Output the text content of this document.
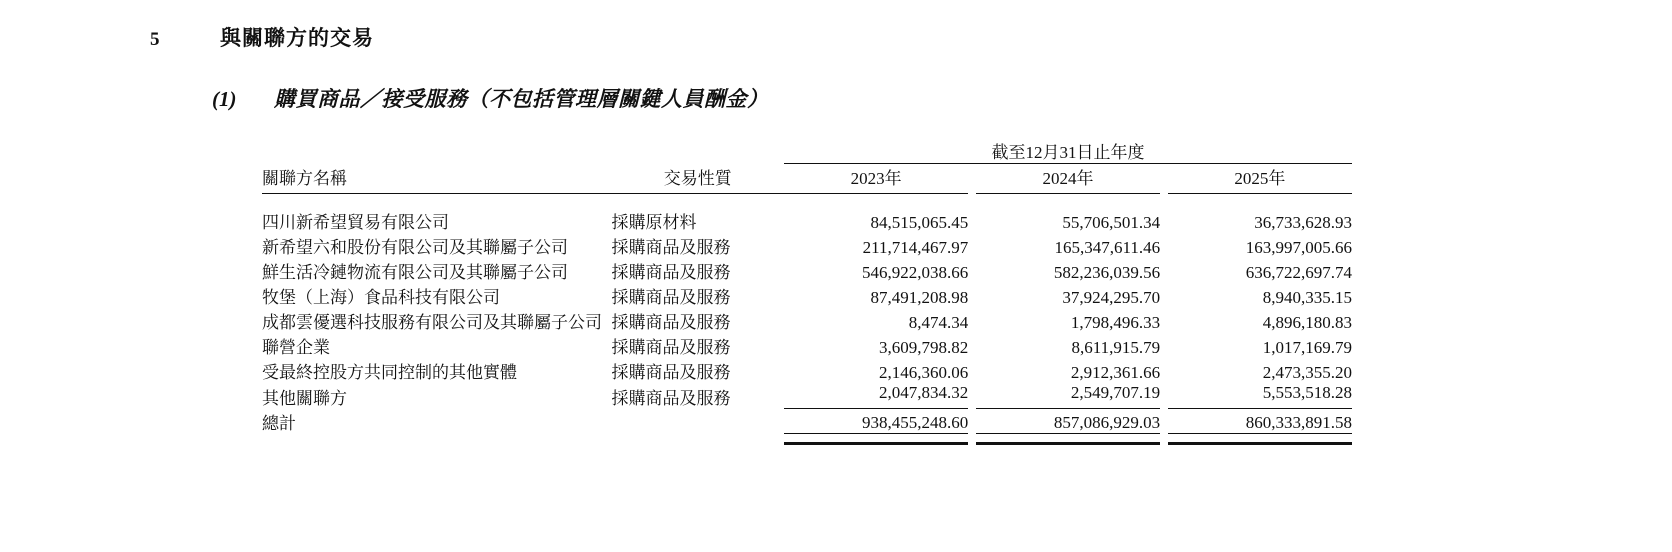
5	與關聯方的交易
(1)	購買商品／接受服務（不包括管理層關鍵人員酬金）
		截至12月31日止年度				
關聯方名稱	交易性質	2023年		2024年		2025年

四川新希望貿易有限公司	採購原材料	84,515,065.45		55,706,501.34		36,733,628.93
新希望六和股份有限公司及其聯屬子公司	採購商品及服務	211,714,467.97		165,347,611.46		163,997,005.66
鮮生活冷鏈物流有限公司及其聯屬子公司	採購商品及服務	546,922,038.66		582,236,039.56		636,722,697.74
牧堡（上海）食品科技有限公司	採購商品及服務	87,491,208.98		37,924,295.70		8,940,335.15
成都雲優選科技服務有限公司及其聯屬子公司	採購商品及服務	8,474.34		1,798,496.33		4,896,180.83
聯營企業	採購商品及服務	3,609,798.82		8,611,915.79		1,017,169.79
受最終控股方共同控制的其他實體	採購商品及服務	2,146,360.06		2,912,361.66		2,473,355.20
其他關聯方	採購商品及服務	2,047,834.32		2,549,707.19		5,553,518.28
總計		938,455,248.60		857,086,929.03		860,333,891.58
